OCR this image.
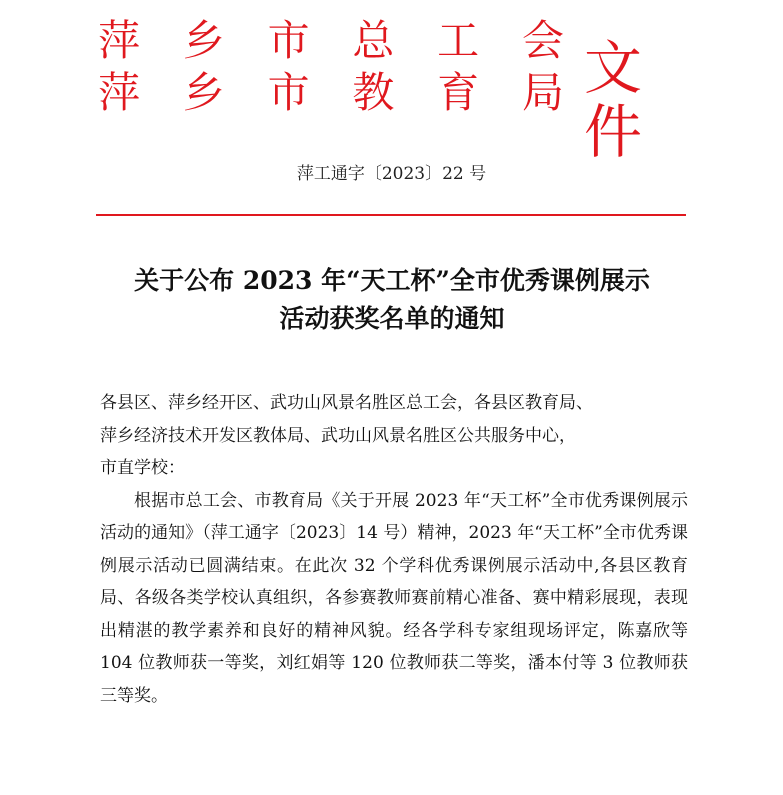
萍 乡 市 总 工 会
萍 乡 市 教 育 局 文件
萍工通字〔2023〕22 号
关于公布 2023 年“天工杯”全市优秀课例展示
活动获奖名单的通知

各县区、萍乡经开区、武功山风景名胜区总工会，各县区教育局、

萍乡经济技术开发区教体局、武功山风景名胜区公共服务中心，

市直学校：

根据市总工会、市教育局《关于开展 2023 年“天工杯”全市优秀课例展示活动的通知》（萍工通字〔2023〕14 号）精神，2023 年“天工杯”全市优秀课例展示活动已圆满结束。在此次 32 个学科优秀课例展示活动中,各县区教育局、各级各类学校认真组织，各参赛教师赛前精心准备、赛中精彩展现，表现出精湛的教学素养和良好的精神风貌。经各学科专家组现场评定，陈嘉欣等 104 位教师获一等奖，刘红娟等 120 位教师获二等奖，潘本付等 3 位教师获三等奖。
